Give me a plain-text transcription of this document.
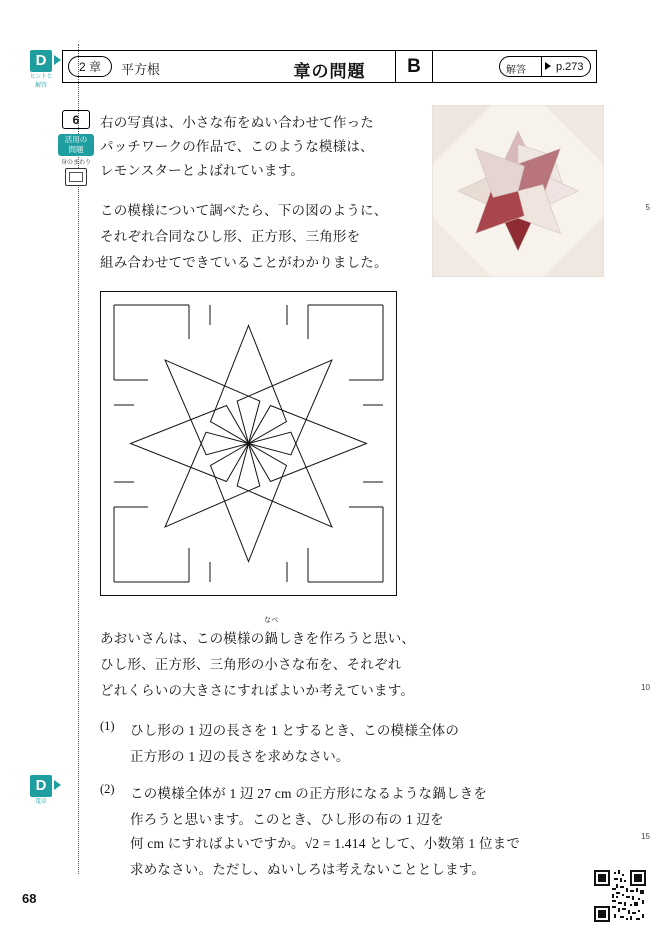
D
ヒントと
解答
D
電卓
2 章	平方根	章の問題	B	解答	p.273
6
活用の
問題
身のまわり
右の写真は、小さな布をぬい合わせて作った
パッチワークの作品で、このような模様は、
レモンスターとよばれています。
この模様について調べたら、下の図のように、
それぞれ合同なひし形、正方形、三角形を
組み合わせてできていることがわかりました。
5
10
15
あおいさんは、この模様の
なべ
鍋しきを作ろうと思い、
ひし形、正方形、三角形の小さな布を、それぞれ
どれくらいの大きさにすればよいか考えています。
(1) ひし形の 1 辺の長さを 1 とするとき、この模様全体の
正方形の 1 辺の長さを求めなさい。
(2) この模様全体が 1 辺 27 cm の正方形になるような鍋しきを
作ろうと思います。このとき、ひし形の布の 1 辺を
何 cm にすればよいですか。√2 = 1.414 として、小数第 1 位まで
求めなさい。ただし、ぬいしろは考えないこととします。
68
